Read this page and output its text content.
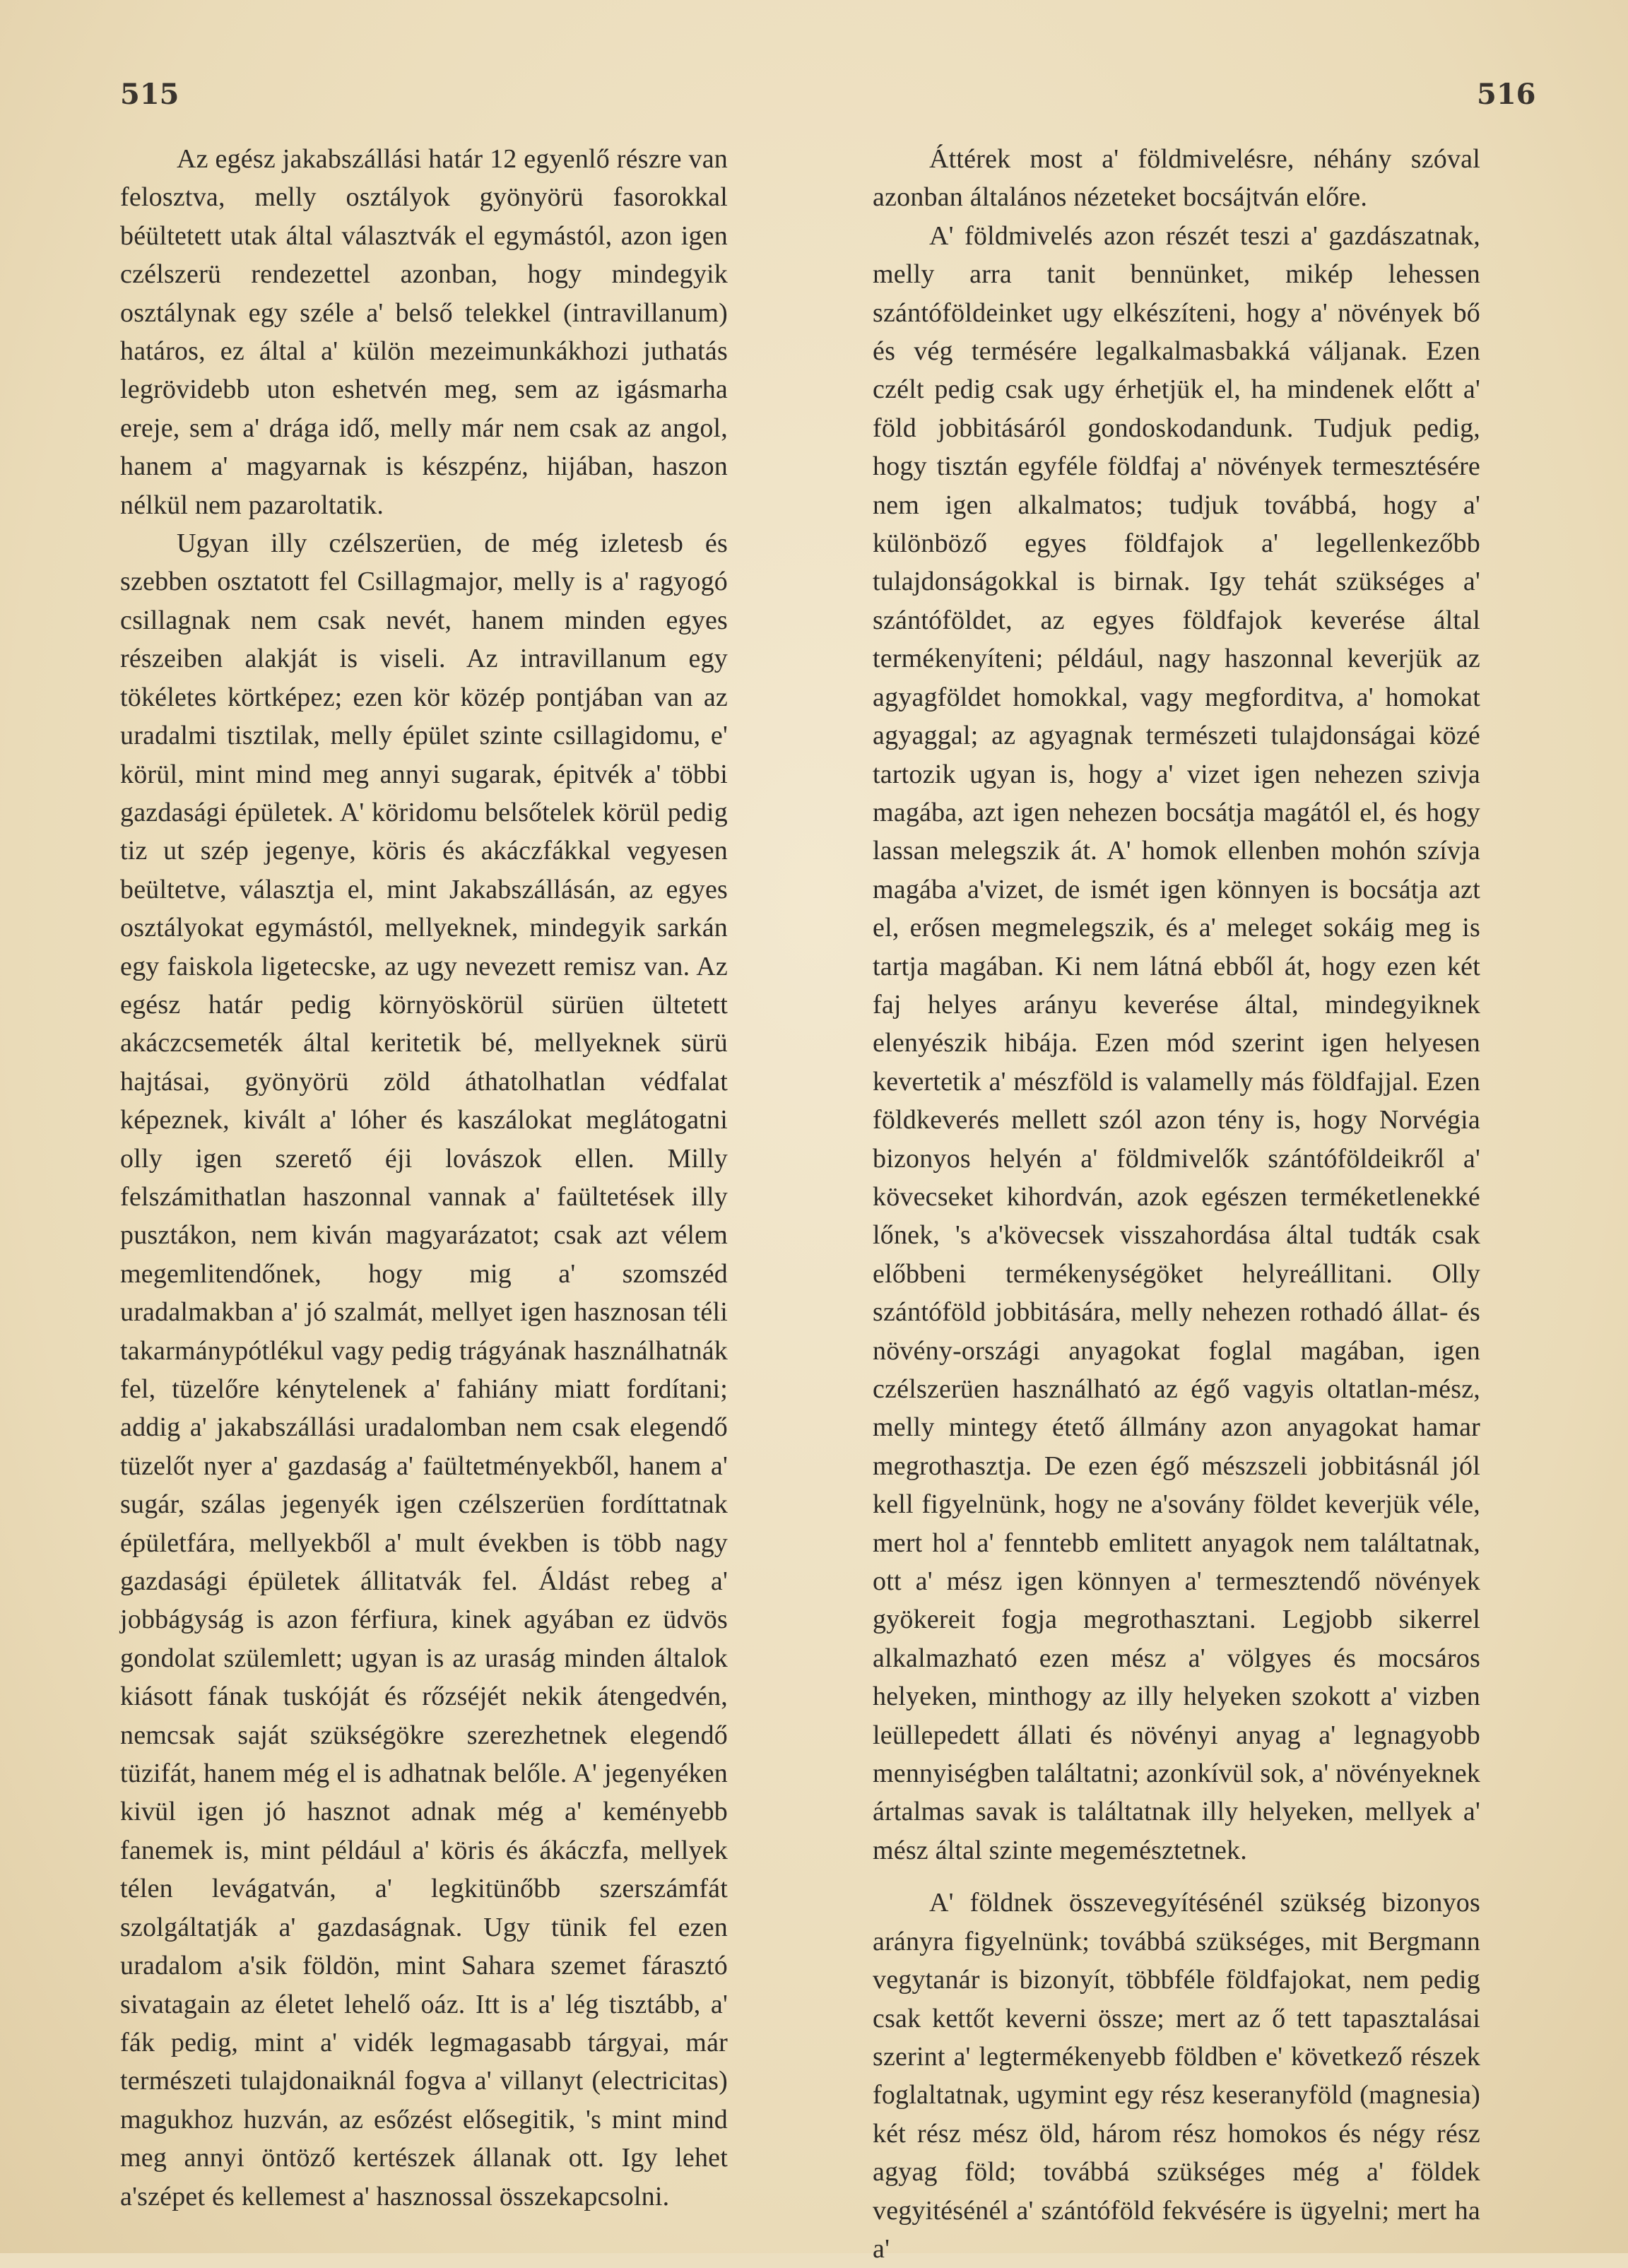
515	516

Az egész jakabszállási határ 12 egyenlő részre van felosztva, melly osztályok gyönyörü fasorokkal béültetett utak által választvák el egymástól, azon igen czélszerü rendezettel azonban, hogy mindegyik osztálynak egy széle a' belső telekkel (intravillanum) határos, ez által a' külön mezeimunkákhozi juthatás legrövidebb uton eshetvén meg, sem az igásmarha ereje, sem a' drága idő, melly már nem csak az angol, hanem a' magyarnak is készpénz, hijában, haszon nélkül nem pazaroltatik.

Ugyan illy czélszerüen, de még izletesb és szebben osztatott fel Csillagmajor, melly is a' ragyogó csillagnak nem csak nevét, hanem minden egyes részeiben alakját is viseli. Az intravillanum egy tökéletes körtképez; ezen kör közép pontjában van az uradalmi tisztilak, melly épület szinte csillagidomu, e' körül, mint mind meg annyi sugarak, épitvék a' többi gazdasági épületek. A' köridomu belsőtelek körül pedig tiz ut szép jegenye, köris és akáczfákkal vegyesen beültetve, választja el, mint Jakabszállásán, az egyes osztályokat egymástól, mellyeknek, mindegyik sarkán egy faiskola ligetecske, az ugy nevezett remisz van. Az egész határ pedig környöskörül sürüen ültetett akáczcsemeték által keritetik bé, mellyeknek sürü hajtásai, gyönyörü zöld áthatolhatlan védfalat képeznek, kivált a' lóher és kaszálokat meglátogatni olly igen szerető éji lovászok ellen. Milly felszámithatlan haszonnal vannak a' faültetések illy pusztákon, nem kiván magyarázatot; csak azt vélem megemlitendőnek, hogy mig a' szomszéd uradalmakban a' jó szalmát, mellyet igen hasznosan téli takarmánypótlékul vagy pedig trágyának használhatnák fel, tüzelőre kénytelenek a' fahiány miatt fordítani; addig a' jakabszállási uradalomban nem csak elegendő tüzelőt nyer a' gazdaság a' faültetményekből, hanem a' sugár, szálas jegenyék igen czélszerüen fordíttatnak épületfára, mellyekből a' mult években is több nagy gazdasági épületek állitatvák fel. Áldást rebeg a' jobbágyság is azon férfiura, kinek agyában ez üdvös gondolat szülemlett; ugyan is az uraság minden általok kiásott fának tuskóját és rőzséjét nekik átengedvén, nemcsak saját szükségökre szerezhetnek elegendő tüzifát, hanem még el is adhatnak belőle. A' jegenyéken kivül igen jó hasznot adnak még a' keményebb fanemek is, mint például a' köris és ákáczfa, mellyek télen levágatván, a' legkitünőbb szerszámfát szolgáltatják a' gazdaságnak. Ugy tünik fel ezen uradalom a'sik földön, mint Sahara szemet fárasztó sivatagain az életet lehelő oáz. Itt is a' lég tisztább, a' fák pedig, mint a' vidék legmagasabb tárgyai, már természeti tulajdonaiknál fogva a' villanyt (electricitas) magukhoz huzván, az esőzést elősegitik, 's mint mind meg annyi öntöző kertészek állanak ott. Igy lehet a'szépet és kellemest a' hasznossal összekapcsolni.

Áttérek most a' földmivelésre, néhány szóval azonban általános nézeteket bocsájtván előre.

A' földmivelés azon részét teszi a' gazdászatnak, melly arra tanit bennünket, mikép lehessen szántóföldeinket ugy elkészíteni, hogy a' növények bő és vég termésére legalkalmasbakká váljanak. Ezen czélt pedig csak ugy érhetjük el, ha mindenek előtt a' föld jobbitásáról gondoskodandunk. Tudjuk pedig, hogy tisztán egyféle földfaj a' növények termesztésére nem igen alkalmatos; tudjuk továbbá, hogy a' különböző egyes földfajok a' legellenkezőbb tulajdonságokkal is birnak. Igy tehát szükséges a' szántóföldet, az egyes földfajok keverése által termékenyíteni; például, nagy haszonnal keverjük az agyagföldet homokkal, vagy megforditva, a' homokat agyaggal; az agyagnak természeti tulajdonságai közé tartozik ugyan is, hogy a' vizet igen nehezen szivja magába, azt igen nehezen bocsátja magától el, és hogy lassan melegszik át. A' homok ellenben mohón szívja magába a'vizet, de ismét igen könnyen is bocsátja azt el, erősen megmelegszik, és a' meleget sokáig meg is tartja magában. Ki nem látná ebből át, hogy ezen két faj helyes arányu keverése által, mindegyiknek elenyészik hibája. Ezen mód szerint igen helyesen kevertetik a' mészföld is valamelly más földfajjal. Ezen földkeverés mellett szól azon tény is, hogy Norvégia bizonyos helyén a' földmivelők szántóföldeikről a' kövecseket kihordván, azok egészen terméketlenekké lőnek, 's a'kövecsek visszahordása által tudták csak előbbeni termékenységöket helyreállitani. Olly szántóföld jobbitására, melly nehezen rothadó állat- és növény-országi anyagokat foglal magában, igen czélszerüen használható az égő vagyis oltatlan-mész, melly mintegy étető állmány azon anyagokat hamar megrothasztja. De ezen égő mészszeli jobbitásnál jól kell figyelnünk, hogy ne a'sovány földet keverjük véle, mert hol a' fenntebb emlitett anyagok nem találtatnak, ott a' mész igen könnyen a' termesztendő növények gyökereit fogja megrothasztani. Legjobb sikerrel alkalmazható ezen mész a' völgyes és mocsáros helyeken, minthogy az illy helyeken szokott a' vizben leüllepedett állati és növényi anyag a' legnagyobb mennyiségben találtatni; azonkívül sok, a' növényeknek ártalmas savak is találtatnak illy helyeken, mellyek a' mész által szinte megemésztetnek.

A' földnek összevegyítésénél szükség bizonyos arányra figyelnünk; továbbá szükséges, mit Bergmann vegytanár is bizonyít, többféle földfajokat, nem pedig csak kettőt keverni össze; mert az ő tett tapasztalásai szerint a' legtermékenyebb földben e' következő részek foglaltatnak, ugymint egy rész keseranyföld (magnesia) két rész mész öld, három rész homokos és négy rész agyag föld; továbbá szükséges még a' földek vegyitésénél a' szántóföld fekvésére is ügyelni; mert ha a'
